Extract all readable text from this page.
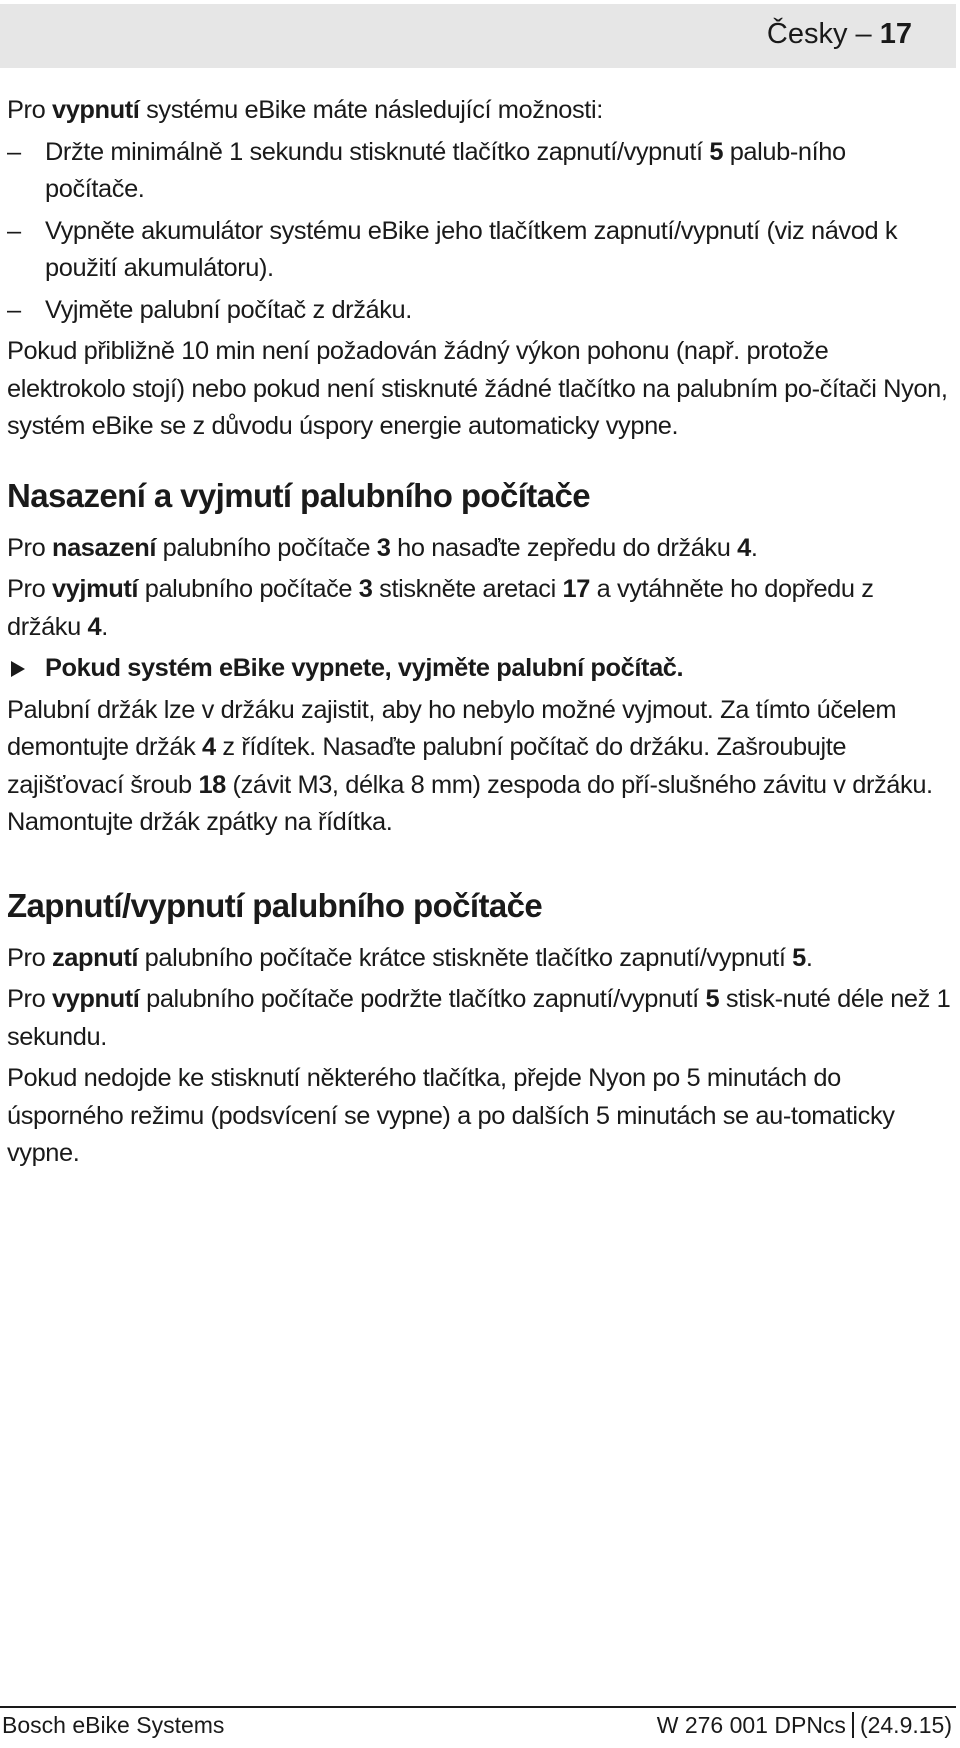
Česky – 17

Pro vypnutí systému eBike máte následující možnosti:

– Držte minimálně 1 sekundu stisknuté tlačítko zapnutí/vypnutí 5 palub-ního počítače.

– Vypněte akumulátor systému eBike jeho tlačítkem zapnutí/vypnutí (viz návod k použití akumulátoru).

– Vyjměte palubní počítač z držáku.

Pokud přibližně 10 min není požadován žádný výkon pohonu (např. protože elektrokolo stojí) nebo pokud není stisknuté žádné tlačítko na palubním po-čítači Nyon, systém eBike se z důvodu úspory energie automaticky vypne.

Nasazení a vyjmutí palubního počítače

Pro nasazení palubního počítače 3 ho nasaďte zepředu do držáku 4.

Pro vyjmutí palubního počítače 3 stiskněte aretaci 17 a vytáhněte ho dopředu z držáku 4.

Pokud systém eBike vypnete, vyjměte palubní počítač.

Palubní držák lze v držáku zajistit, aby ho nebylo možné vyjmout. Za tímto účelem demontujte držák 4 z řídítek. Nasaďte palubní počítač do držáku. Zašroubujte zajišťovací šroub 18 (závit M3, délka 8 mm) zespoda do pří-slušného závitu v držáku. Namontujte držák zpátky na řídítka.

Zapnutí/vypnutí palubního počítače

Pro zapnutí palubního počítače krátce stiskněte tlačítko zapnutí/vypnutí 5.

Pro vypnutí palubního počítače podržte tlačítko zapnutí/vypnutí 5 stisk-nuté déle než 1 sekundu.

Pokud nedojde ke stisknutí některého tlačítka, přejde Nyon po 5 minutách do úsporného režimu (podsvícení se vypne) a po dalších 5 minutách se au-tomaticky vypne.

Bosch eBike Systems	W 276 001 DPNcs (24.9.15)
